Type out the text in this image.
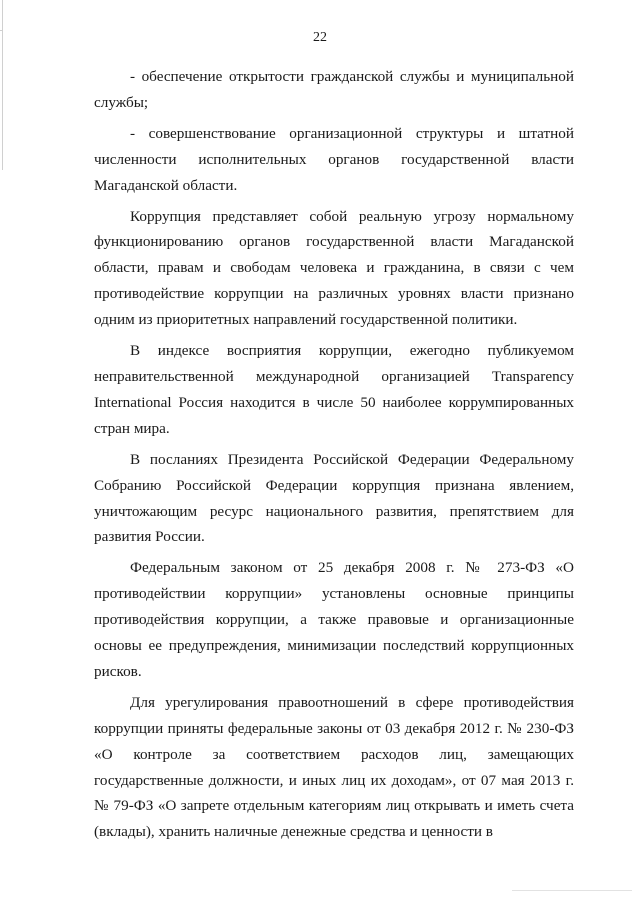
22

- обеспечение открытости гражданской службы и муниципальной службы;

- совершенствование организационной структуры и штатной численности исполнительных органов государственной власти Магаданской области.

Коррупция представляет собой реальную угрозу нормальному функционированию органов государственной власти Магаданской области, правам и свободам человека и гражданина, в связи с чем противодействие коррупции на различных уровнях власти признано одним из приоритетных направлений государственной политики.

В индексе восприятия коррупции, ежегодно публикуемом неправительственной международной организацией Transparency International Россия находится в числе 50 наиболее коррумпированных стран мира.

В посланиях Президента Российской Федерации Федеральному Собранию Российской Федерации коррупция признана явлением, уничтожающим ресурс национального развития, препятствием для развития России.

Федеральным законом от 25 декабря 2008 г. № 273-ФЗ «О противодействии коррупции» установлены основные принципы противодействия коррупции, а также правовые и организационные основы ее предупреждения, минимизации последствий коррупционных рисков.

Для урегулирования правоотношений в сфере противодействия коррупции приняты федеральные законы от 03 декабря 2012 г. № 230-ФЗ «О контроле за соответствием расходов лиц, замещающих государственные должности, и иных лиц их доходам», от 07 мая 2013 г. № 79-ФЗ «О запрете отдельным категориям лиц открывать и иметь счета (вклады), хранить наличные денежные средства и ценности в
